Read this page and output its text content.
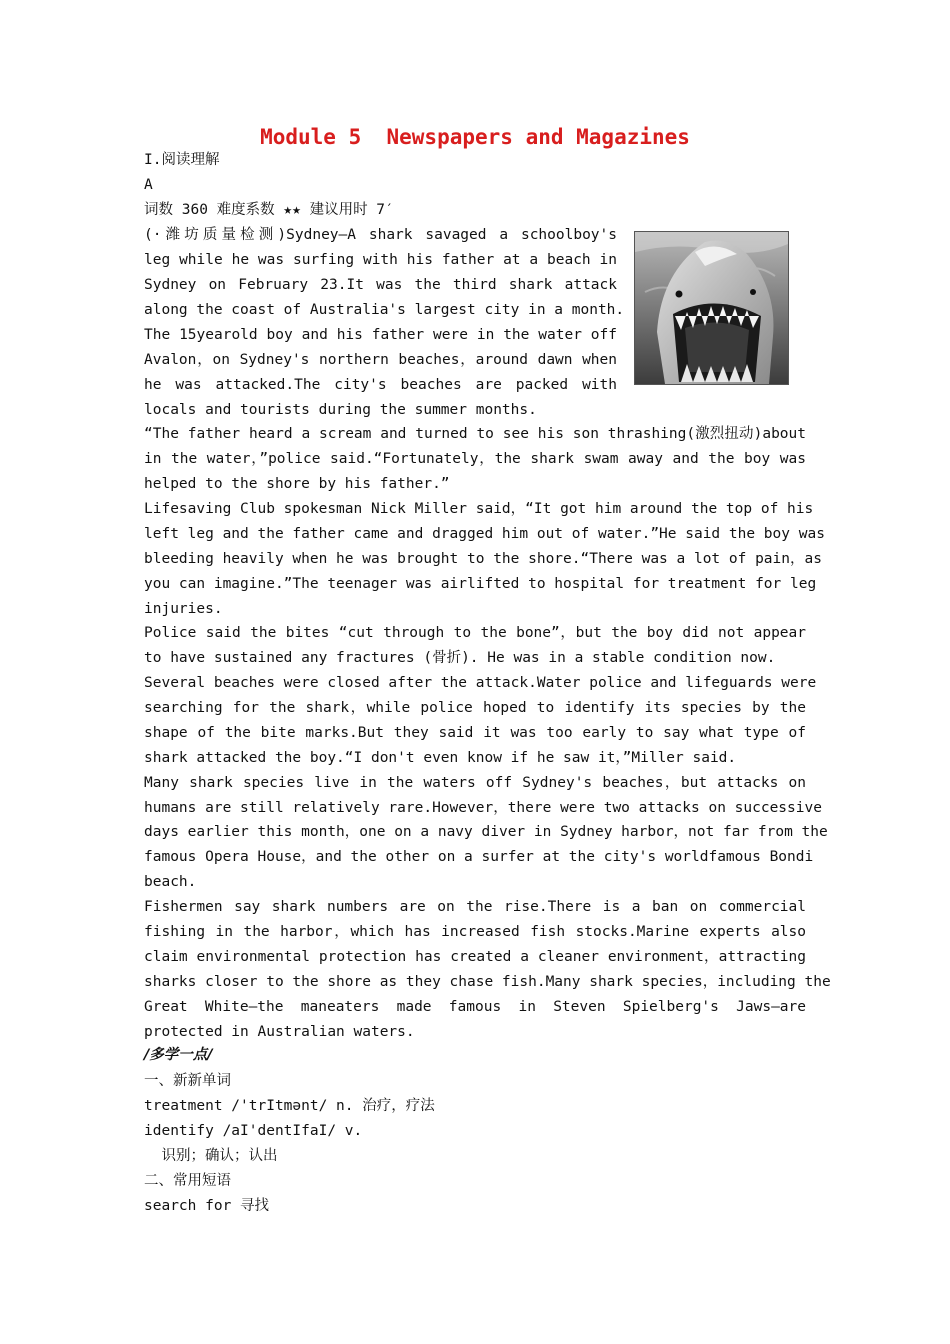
Module 5  Newspapers and Magazines
I.阅读理解
A
词数 360 难度系数 ★★ 建议用时 7′
(·潍坊质量检测)Sydney—A shark savaged a schoolboy's
leg while he was surfing with his father at a beach in
Sydney on February 23.It was the third shark attack
along the coast of Australia's largest city in a month.
The 15yearold boy and his father were in the water off
Avalon，on Sydney's northern beaches，around dawn when
he was attacked.The city's beaches are packed with
locals and tourists during the summer months.
“The father heard a scream and turned to see his son thrashing(激烈扭动)about
in the water，”police said.“Fortunately，the shark swam away and the boy was
helped to the shore by his father.”
Lifesaving Club spokesman Nick Miller said，“It got him around the top of his
left leg and the father came and dragged him out of water.”He said the boy was
bleeding heavily when he was brought to the shore.“There was a lot of pain，as
you can imagine.”The teenager was airlifted to hospital for treatment for leg
injuries.
Police said the bites “cut through to the bone”，but the boy did not appear
to have sustained any fractures (骨折). He was in a stable condition now.
Several beaches were closed after the attack.Water police and lifeguards were
searching for the shark，while police hoped to identify its species by the
shape of the bite marks.But they said it was too early to say what type of
shark attacked the boy.“I don't even know if he saw it，”Miller said.
Many shark species live in the waters off Sydney's beaches，but attacks on
humans are still relatively rare.However，there were two attacks on successive
days earlier this month，one on a navy diver in Sydney harbor，not far from the
famous Opera House，and the other on a surfer at the city's worldfamous Bondi
beach.
Fishermen say shark numbers are on the rise.There is a ban on commercial
fishing in the harbor，which has increased fish stocks.Marine experts also
claim environmental protection has created a cleaner environment，attracting
sharks closer to the shore as they chase fish.Many shark species，including the
Great White—the maneaters made famous in Steven Spielberg's Jaws—are
protected in Australian waters.
/多学一点/
一、新新单词
treatment /'trItmənt/ n. 治疗，疗法
identify /aI'dentIfaI/ v.
识别；确认；认出
二、常用短语
search for 寻找
